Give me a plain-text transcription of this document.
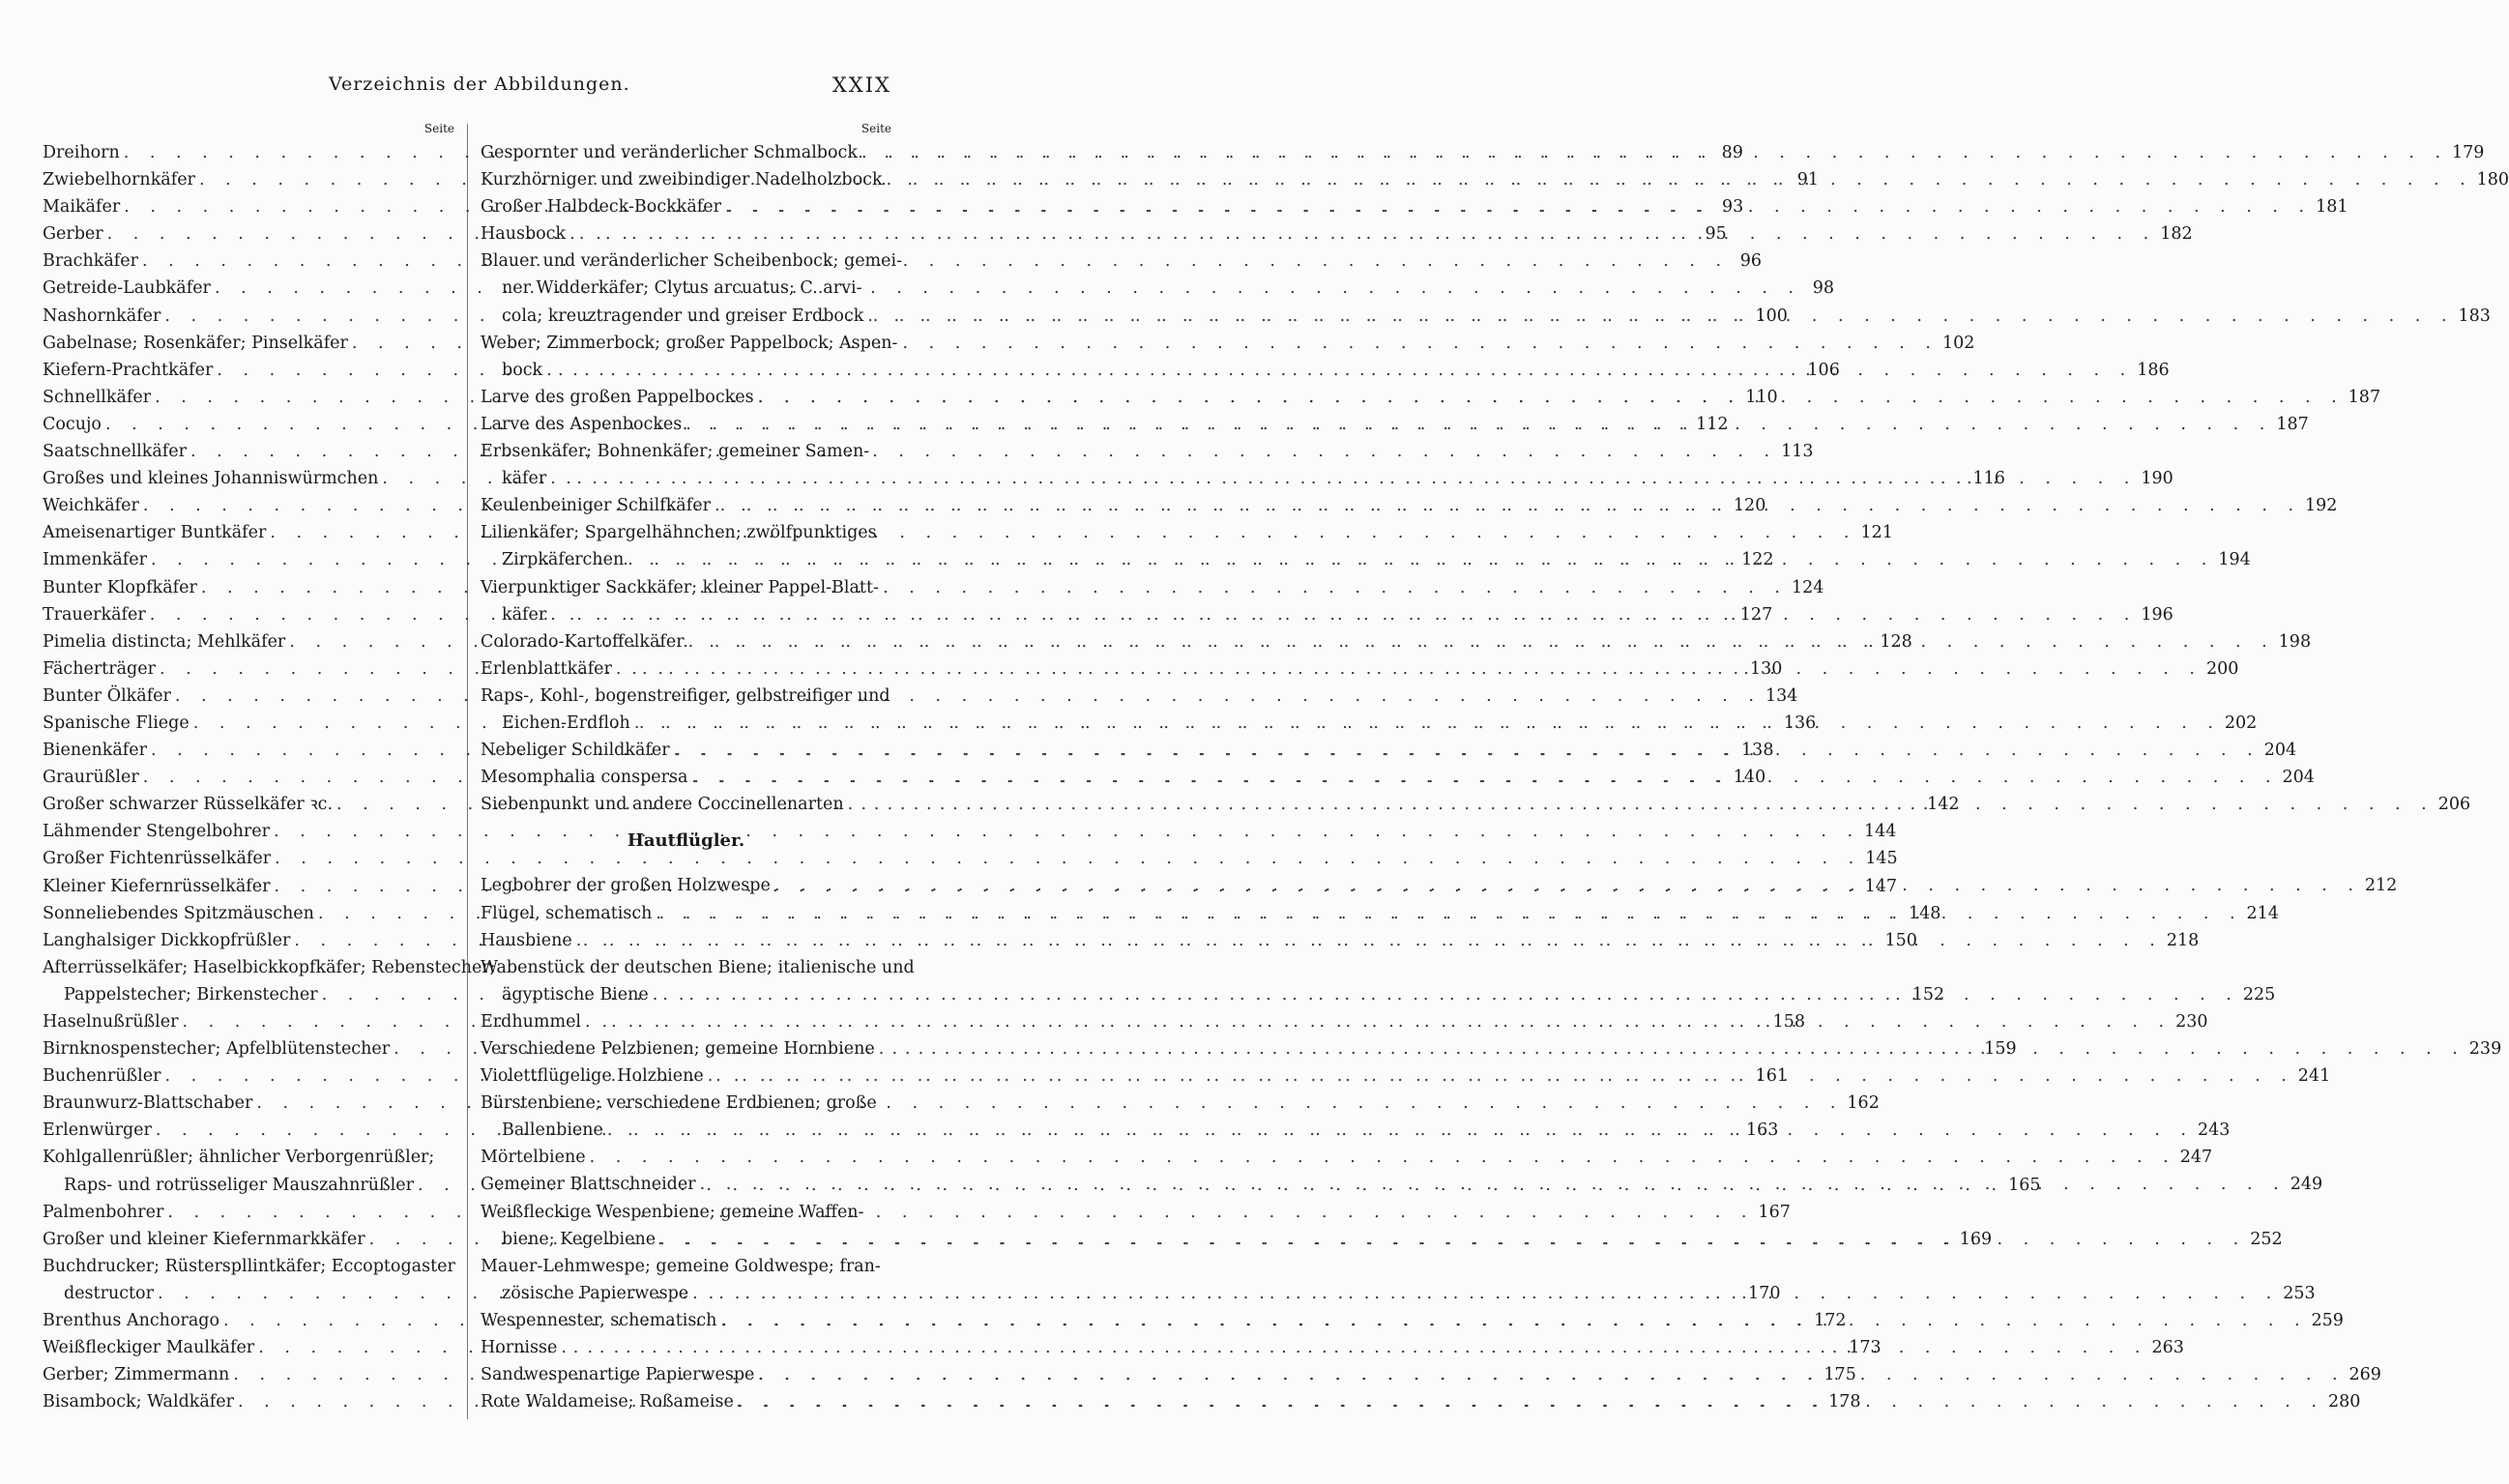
Verzeichnis der Abbildungen.	XXIX
Seite
Dreihorn . . .	89
Zwiebelhornkäfer . . .	91
Maikäfer . . .	93
Gerber . . .	95
Brachkäfer . . .	96
Getreide-Laubkäfer . . .	98
Nashornkäfer . . .	100
Gabelnase; Rosenkäfer; Pinselkäfer . . .	102
Kiefern-Prachtkäfer . . .	106
Schnellkäfer . . .	110
Cocujo . . .	112
Saatschnellkäfer . . .	113
Großes und kleines Johanniswürmchen . . .	116
Weichkäfer . . .	120
Ameisenartiger Buntkäfer . . .	121
Immenkäfer . . .	122
Bunter Klopfkäfer . . .	124
Trauerkäfer . . .	127
Pimelia distincta; Mehlkäfer . . .	128
Fächerträger . . .	130
Bunter Ölkäfer . . .	134
Spanische Fliege . . .	136
Bienenkäfer . . .	138
Graurüßler . . .	140
Großer schwarzer Rüsselkäfer ꝛc. . . .	142
Lähmender Stengelbohrer . . .	144
Großer Fichtenrüsselkäfer . . .	145
Kleiner Kiefernrüsselkäfer . . .	147
Sonneliebendes Spitzmäuschen . . .	148
Langhalsiger Dickkopfrüßler . . .	150
Afterrüsselkäfer; Haselbickkopfkäfer; Rebenstecher;
Pappelstecher; Birkenstecher . . .	152
Haselnußrüßler . . .	158
Birnknospenstecher; Apfelblütenstecher . . .	159
Buchenrüßler . . .	161
Braunwurz-Blattschaber . . .	162
Erlenwürger . . .	163
Kohlgallenrüßler; ähnlicher Verborgenrüßler;
Raps- und rotrüsseliger Mauszahnrüßler . . .	165
Palmenbohrer . . .	167
Großer und kleiner Kiefernmarkkäfer . . .	169
Buchdrucker; Rüsterspllintkäfer; Eccoptogaster
destructor . . .	170
Brenthus Anchorago . . .	172
Weißfleckiger Maulkäfer . . .	173
Gerber; Zimmermann . . .	175
Bisambock; Waldkäfer . . .	178
Seite
Gespornter und veränderlicher Schmalbock . . .	179
Kurzhörniger und zweibindiger Nadelholzbock . . .	180
Großer Halbdeck-Bockkäfer . . .	181
Hausbock . . .	182
Blauer und veränderlicher Scheibenbock; gemei-
ner Widderkäfer; Clytus arcuatus; C. arvi-
cola; kreuztragender und greiser Erdbock . . .	183
Weber; Zimmerbock; großer Pappelbock; Aspen-
bock . . .	186
Larve des großen Pappelbockes . . .	187
Larve des Aspenbockes . . .	187
Erbsenkäfer; Bohnenkäfer; gemeiner Samen-
käfer . . .	190
Keulenbeiniger Schilfkäfer . . .	192
Lilienkäfer; Spargelhähnchen; zwölfpunktiges
Zirpkäferchen . . .	194
Vierpunktiger Sackkäfer; kleiner Pappel-Blatt-
käfer . . .	196
Colorado-Kartoffelkäfer . . .	198
Erlenblattkäfer . . .	200
Raps-, Kohl-, bogenstreifiger, gelbstreifiger und
Eichen-Erdfloh . . .	202
Nebeliger Schildkäfer . . .	204
Mesomphalia conspersa . . .	204
Siebenpunkt und andere Coccinellenarten . . .	206
Hautflügler.
Legbohrer der großen Holzwespe . . .	212
Flügel, schematisch . . .	214
Hausbiene . . .	218
Wabenstück der deutschen Biene; italienische und
ägyptische Biene . . .	225
Erdhummel . . .	230
Verschiedene Pelzbienen; gemeine Hornbiene . . .	239
Violettflügelige Holzbiene . . .	241
Bürstenbiene; verschiedene Erdbienen; große
Ballenbiene . . .	243
Mörtelbiene . . .	247
Gemeiner Blattschneider . . .	249
Weißfleckige Wespenbiene; gemeine Waffen-
biene; Kegelbiene . . .	252
Mauer-Lehmwespe; gemeine Goldwespe; fran-
zösische Papierwespe . . .	253
Wespennester, schematisch . . .	259
Hornisse . . .	263
Sandwespenartige Papierwespe . . .	269
Rote Waldameise; Roßameise . . .	280
